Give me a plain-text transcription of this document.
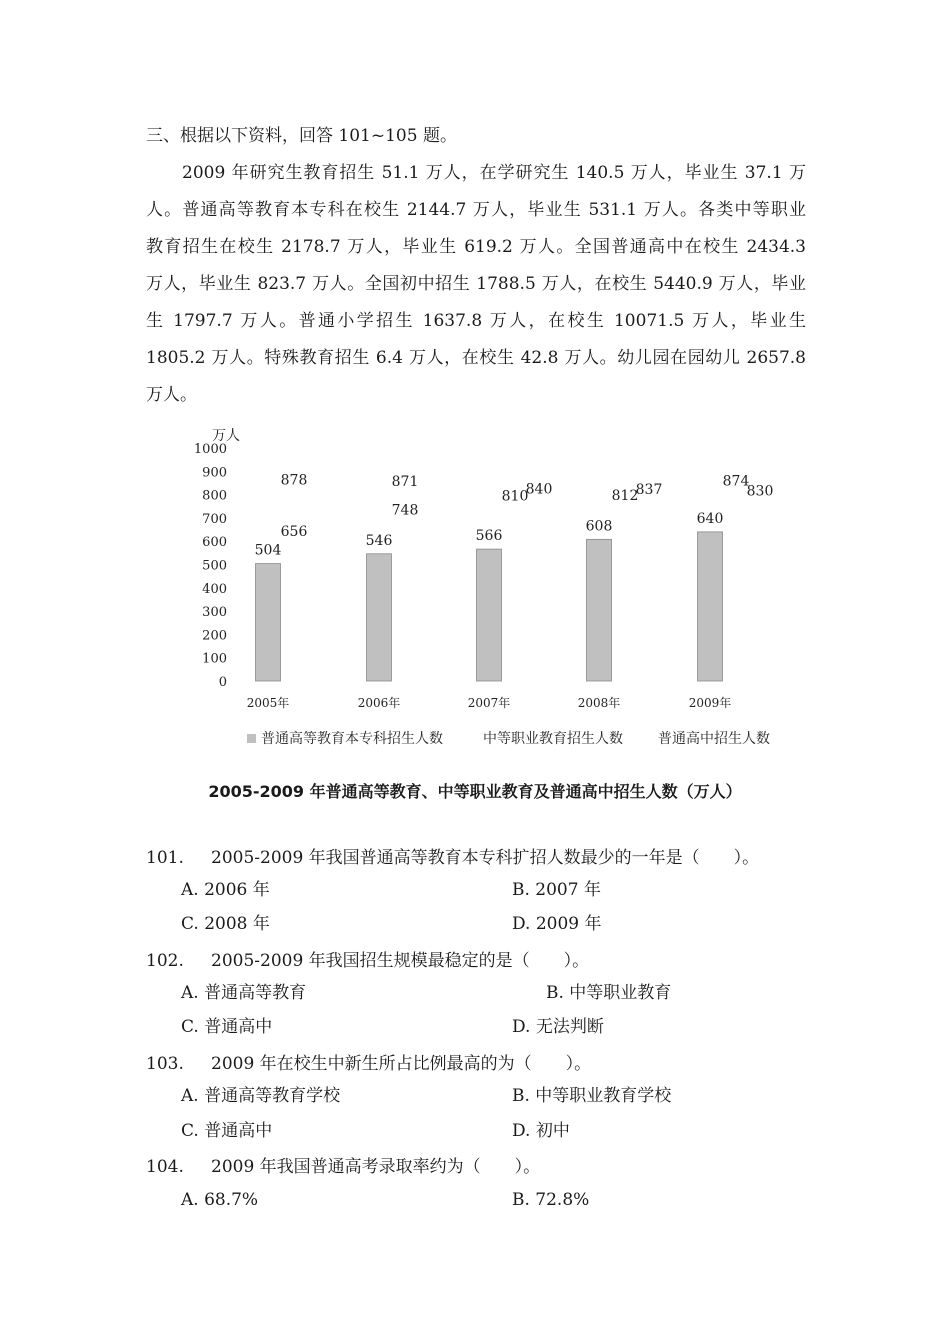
三、根据以下资料，回答 101~105 题。
2009 年研究生教育招生 51.1 万人，在学研究生 140.5 万人，毕业生 37.1 万
人。普通高等教育本专科在校生 2144.7 万人，毕业生 531.1 万人。各类中等职业
教育招生在校生 2178.7 万人，毕业生 619.2 万人。全国普通高中在校生 2434.3
万人，毕业生 823.7 万人。全国初中招生 1788.5 万人，在校生 5440.9 万人，毕业
生 1797.7 万人。普通小学招生 1637.8 万人，在校生 10071.5 万人，毕业生
1805.2 万人。特殊教育招生 6.4 万人，在校生 42.8 万人。幼儿园在园幼儿 2657.8
万人。
万人
0
100
200
300
400
500
600
700
800
900
1000
504
656
878
546
748
871
566
810
840
608
812
837
640
874
830
2005年	2006年	2007年	2008年	2009年
普通高等教育本专科招生人数	中等职业教育招生人数	普通高中招生人数
2005-2009 年普通高等教育、中等职业教育及普通高中招生人数（万人）
101. 2005-2009 年我国普通高等教育本专科扩招人数最少的一年是（　　）。
A. 2006 年	B. 2007 年
C. 2008 年	D. 2009 年
102. 2005-2009 年我国招生规模最稳定的是（　　）。
A. 普通高等教育	B. 中等职业教育
C. 普通高中	D. 无法判断
103. 2009 年在校生中新生所占比例最高的为（　　）。
A. 普通高等教育学校	B. 中等职业教育学校
C. 普通高中	D. 初中
104. 2009 年我国普通高考录取率约为（　　）。
A. 68.7%	B. 72.8%
